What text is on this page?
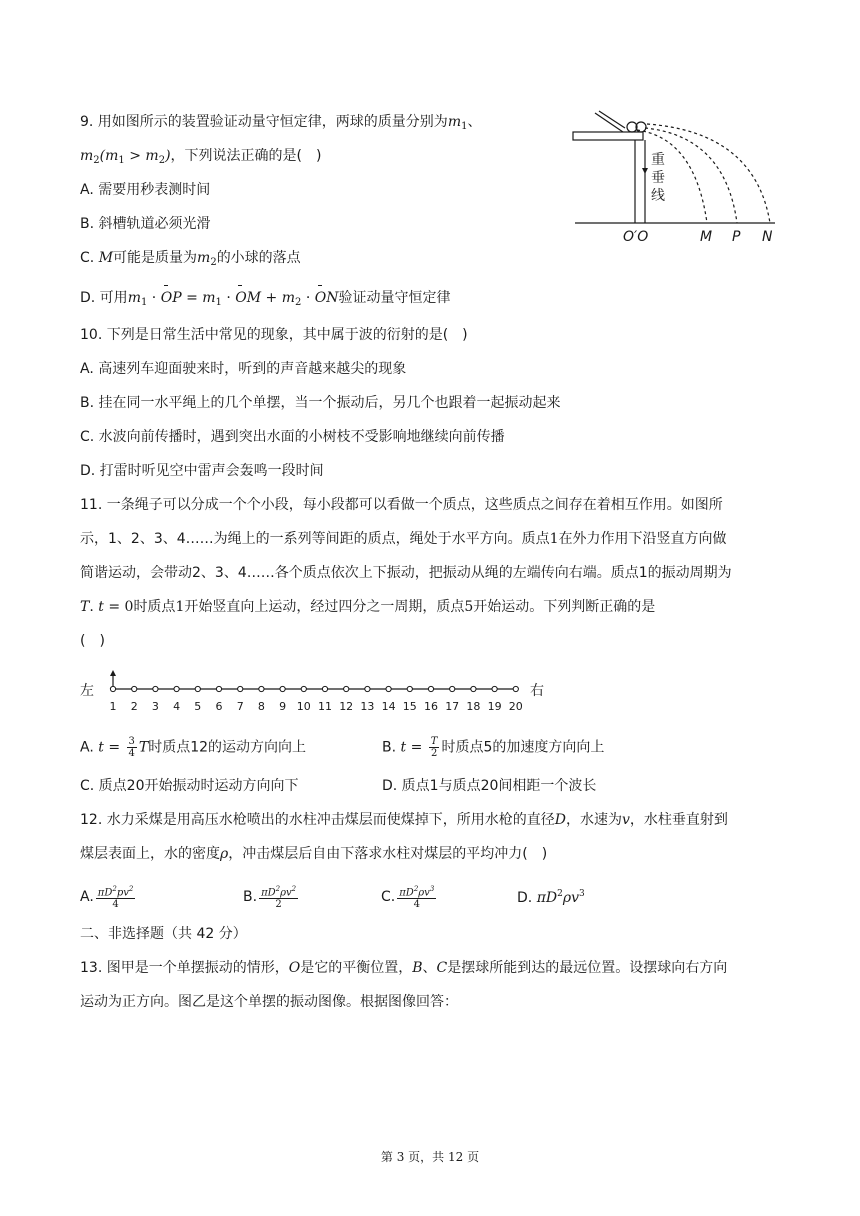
9. 用如图所示的装置验证动量守恒定律，两球的质量分别为$m_1$、
$m_2(m_1 > m_2)$，下列说法正确的是(　)
A. 需要用秒表测时间
B. 斜槽轨道必须光滑
C. M可能是质量为$m_2$的小球的落点
D. 可用$m_1$ · OP = $m_1$ · OM + $m_2$ · ON验证动量守恒定律
重
垂
线
O′O	M P N
10. 下列是日常生活中常见的现象，其中属于波的衍射的是(　)
A. 高速列车迎面驶来时，听到的声音越来越尖的现象
B. 挂在同一水平绳上的几个单摆，当一个振动后，另几个也跟着一起振动起来
C. 水波向前传播时，遇到突出水面的小树枝不受影响地继续向前传播
D. 打雷时听见空中雷声会轰鸣一段时间
11. 一条绳子可以分成一个个小段，每小段都可以看做一个质点，这些质点之间存在着相互作用。如图所
示，1、2、3、4……为绳上的一系列等间距的质点，绳处于水平方向。质点1在外力作用下沿竖直方向做
简谐运动，会带动2、3、4……各个质点依次上下振动，把振动从绳的左端传向右端。质点1的振动周期为
T. t = 0时质点1开始竖直向上运动，经过四分之一周期，质点5开始运动。下列判断正确的是
(　)
左	右
1 2 3 4 5 6 7 8 9 10 11 12 13 14 15 16 17 18 19 20
A. $t = \frac{3}{4}$ T时质点12的运动方向向上	B. $t = \frac{T}{2}$ 时质点5的加速度方向向上
C. 质点20开始振动时运动方向向下	D. 质点1与质点20间相距一个波长
12. 水力采煤是用高压水枪喷出的水柱冲击煤层而使煤掉下，所用水枪的直径D，水速为v，水柱垂直射到
煤层表面上，水的密度ρ，冲击煤层后自由下落求水柱对煤层的平均冲力(　)
A. $\frac{\pi D^2pv^2}{4}$	B. $\frac{\pi D^2\rho v^2}{2}$	C. $\frac{\pi D^2\rho v^3}{4}$	D. $\pi D^2\rho v^3$
二、非选择题（共 42 分）
13. 图甲是一个单摆振动的情形，O是它的平衡位置，B、C是摆球所能到达的最远位置。设摆球向右方向
运动为正方向。图乙是这个单摆的振动图像。根据图像回答：
第 3 页，共 12 页
